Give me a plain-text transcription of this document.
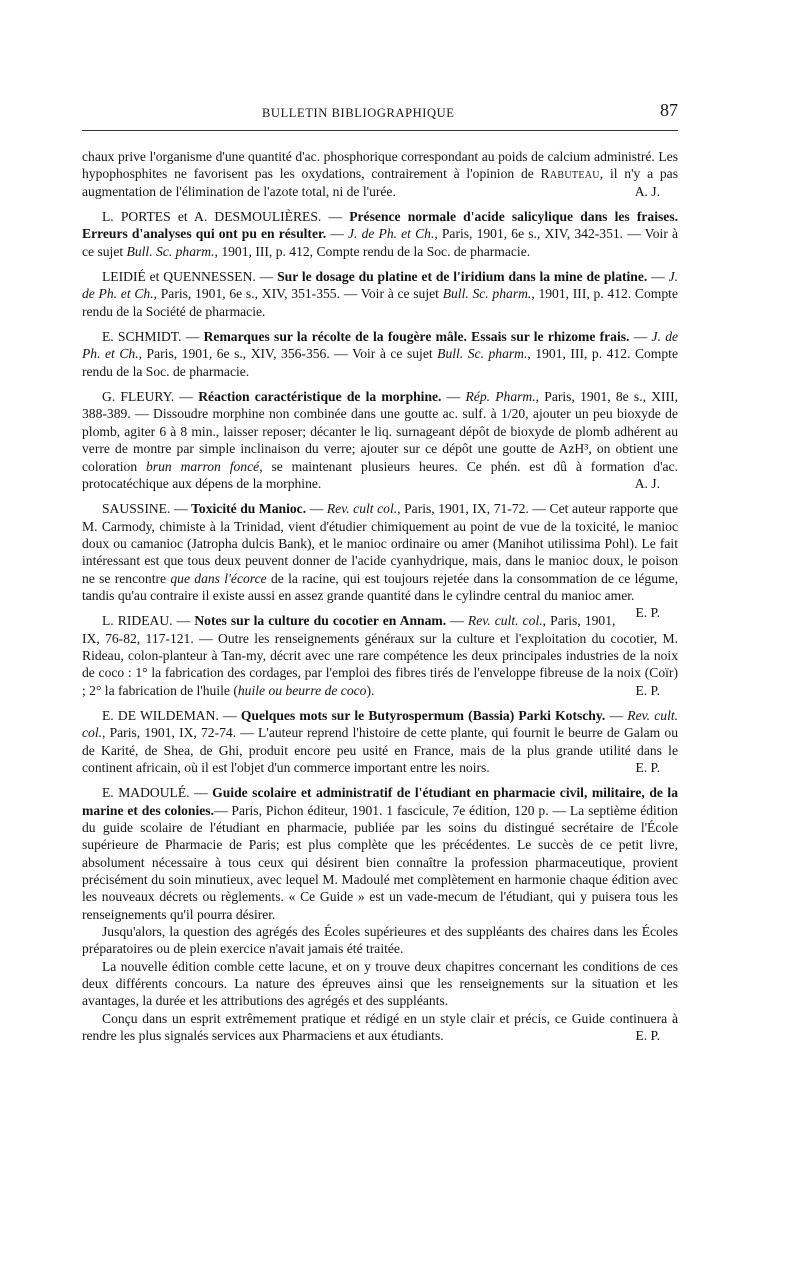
BULLETIN BIBLIOGRAPHIQUE	87

chaux prive l'organisme d'une quantité d'ac. phosphorique correspondant au poids de calcium administré. Les hypophosphites ne favorisent pas les oxydations, contrairement à l'opinion de Rabuteau, il n'y a pas augmentation de l'élimination de l'azote total, ni de l'urée.	A. J.

L. PORTES et A. DESMOULIÈRES. — Présence normale d'acide salicylique dans les fraises. Erreurs d'analyses qui ont pu en résulter. — J. de Ph. et Ch., Paris, 1901, 6e s., XIV, 342-351. — Voir à ce sujet Bull. Sc. pharm., 1901, III, p. 412, Compte rendu de la Soc. de pharmacie.

LEIDIÉ et QUENNESSEN. — Sur le dosage du platine et de l'iridium dans la mine de platine. — J. de Ph. et Ch., Paris, 1901, 6e s., XIV, 351-355. — Voir à ce sujet Bull. Sc. pharm., 1901, III, p. 412. Compte rendu de la Société de pharmacie.

E. SCHMIDT. — Remarques sur la récolte de la fougère mâle. Essais sur le rhizome frais. — J. de Ph. et Ch., Paris, 1901, 6e s., XIV, 356-356. — Voir à ce sujet Bull. Sc. pharm., 1901, III, p. 412. Compte rendu de la Soc. de pharmacie.

G. FLEURY. — Réaction caractéristique de la morphine. — Rép. Pharm., Paris, 1901, 8e s., XIII, 388-389. — Dissoudre morphine non combinée dans une goutte ac. sulf. à 1/20, ajouter un peu bioxyde de plomb, agiter 6 à 8 min., laisser reposer; décanter le liq. surnageant dépôt de bioxyde de plomb adhérent au verre de montre par simple inclinaison du verre; ajouter sur ce dépôt une goutte de AzH³, on obtient une coloration brun marron foncé, se maintenant plusieurs heures. Ce phén. est dû à formation d'ac. protocatéchique aux dépens de la morphine.	A. J.

SAUSSINE. — Toxicité du Manioc. — Rev. cult col., Paris, 1901, IX, 71-72. — Cet auteur rapporte que M. Carmody, chimiste à la Trinidad, vient d'étudier chimiquement au point de vue de la toxicité, le manioc doux ou camanioc (Jatropha dulcis Bank), et le manioc ordinaire ou amer (Manihot utilissima Pohl). Le fait intéressant est que tous deux peuvent donner de l'acide cyanhydrique, mais, dans le manioc doux, le poison ne se rencontre que dans l'écorce de la racine, qui est toujours rejetée dans la consommation de ce légume, tandis qu'au contraire il existe aussi en assez grande quantité dans le cylindre central du manioc amer.
E. P.

L. RIDEAU. — Notes sur la culture du cocotier en Annam. — Rev. cult. col., Paris, 1901, IX, 76-82, 117-121. — Outre les renseignements généraux sur la culture et l'exploitation du cocotier, M. Rideau, colon-planteur à Tan-my, décrit avec une rare compétence les deux principales industries de la noix de coco : 1° la fabrication des cordages, par l'emploi des fibres tirés de l'enveloppe fibreuse de la noix (Coïr) ; 2° la fabrication de l'huile (huile ou beurre de coco).	E. P.

E. DE WILDEMAN. — Quelques mots sur le Butyrospermum (Bassia) Parki Kotschy. — Rev. cult. col., Paris, 1901, IX, 72-74. — L'auteur reprend l'histoire de cette plante, qui fournit le beurre de Galam ou de Karité, de Shea, de Ghi, produit encore peu usité en France, mais de la plus grande utilité dans le continent africain, où il est l'objet d'un commerce important entre les noirs.	E. P.

E. MADOULÉ. — Guide scolaire et administratif de l'étudiant en pharmacie civil, militaire, de la marine et des colonies.— Paris, Pichon éditeur, 1901. 1 fascicule, 7e édition, 120 p. — La septième édition du guide scolaire de l'étudiant en pharmacie, publiée par les soins du distingué secrétaire de l'École supérieure de Pharmacie de Paris; est plus complète que les précédentes. Le succès de ce petit livre, absolument nécessaire à tous ceux qui désirent bien connaître la profession pharmaceutique, provient précisément du soin minutieux, avec lequel M. Madoulé met complètement en harmonie chaque édition avec les nouveaux décrets ou règlements. « Ce Guide » est un vade-mecum de l'étudiant, qui y puisera tous les renseignements qu'il pourra désirer.

Jusqu'alors, la question des agrégés des Écoles supérieures et des suppléants des chaires dans les Écoles préparatoires ou de plein exercice n'avait jamais été traitée.

La nouvelle édition comble cette lacune, et on y trouve deux chapitres concernant les conditions de ces deux différents concours. La nature des épreuves ainsi que les renseignements sur la situation et les avantages, la durée et les attributions des agrégés et des suppléants.

Conçu dans un esprit extrêmement pratique et rédigé en un style clair et précis, ce Guide continuera à rendre les plus signalés services aux Pharmaciens et aux étudiants.	E. P.
